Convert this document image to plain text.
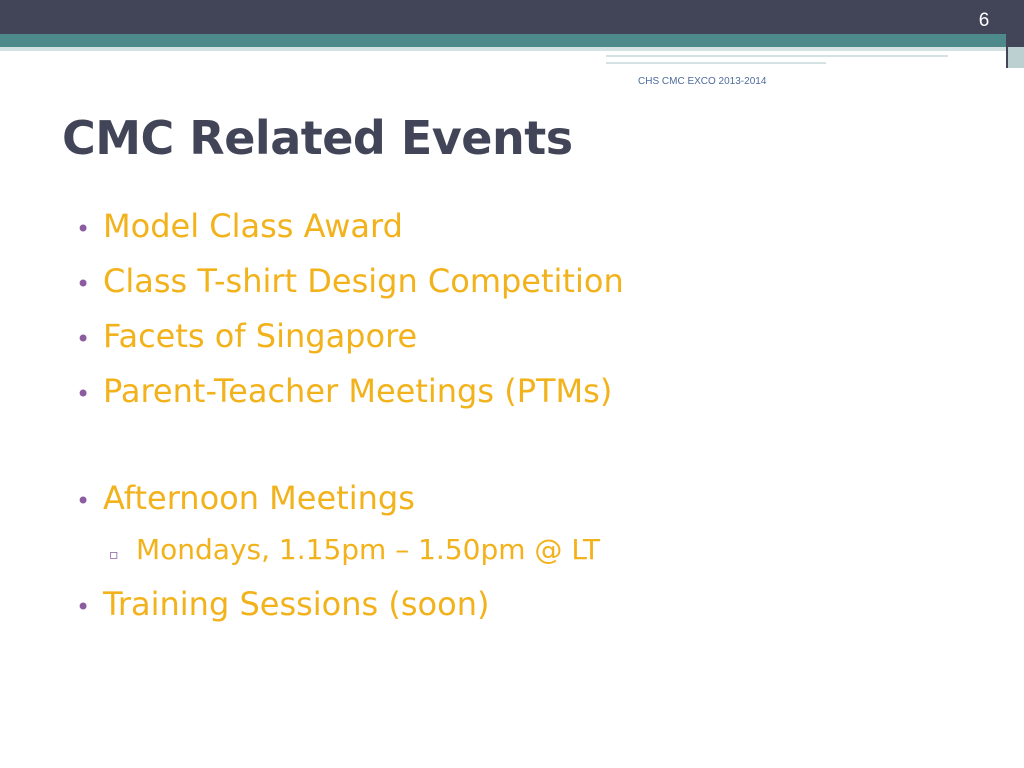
6
CHS CMC EXCO 2013-2014
CMC Related Events
• Model Class Award
• Class T-shirt Design Competition
• Facets of Singapore
• Parent-Teacher Meetings (PTMs)
• Afternoon Meetings
▫ Mondays, 1.15pm – 1.50pm @ LT
• Training Sessions (soon)
